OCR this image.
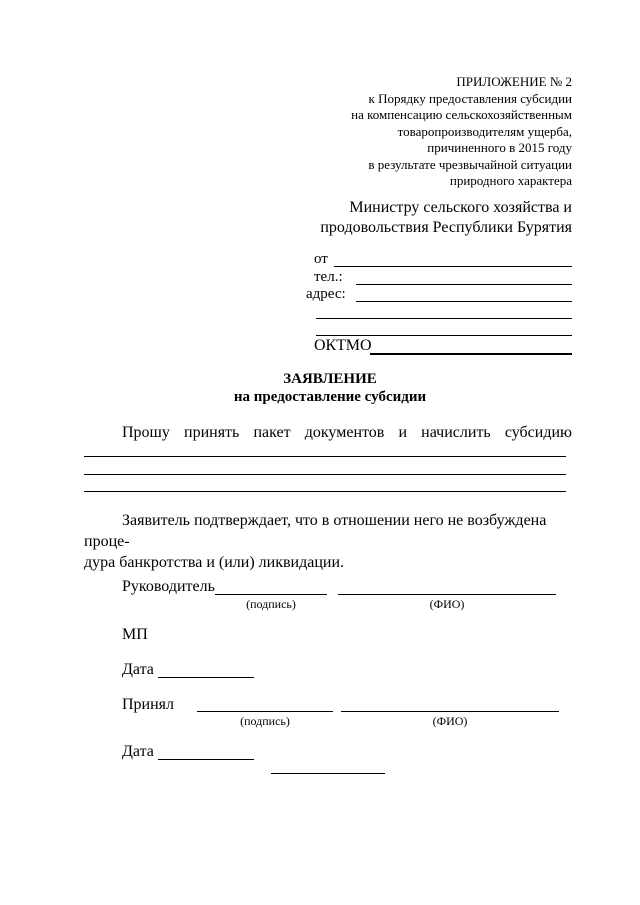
ПРИЛОЖЕНИЕ № 2
к Порядку предоставления субсидии
на компенсацию сельскохозяйственным
товаропроизводителям ущерба,
причиненного в 2015 году
в результате чрезвычайной ситуации
природного характера
Министру сельского хозяйства и
продовольствия Республики Бурятия
от
тел.:
адрес:
ОКТМО
ЗАЯВЛЕНИЕ
на предоставление субсидии
Прошу принять пакет документов и начислить субсидию
Заявитель подтверждает, что в отношении него не возбуждена проце-
дура банкротства и (или) ликвидации.
Руководитель
(подпись)	(ФИО)
МП
Дата
Принял
(подпись)	(ФИО)
Дата
